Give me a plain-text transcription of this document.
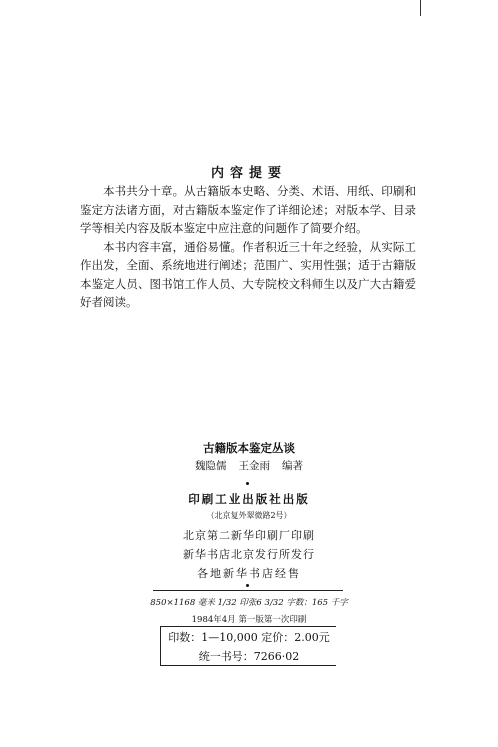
内容提要

本书共分十章。从古籍版本史略、分类、术语、用纸、印刷和鉴定方法诸方面，对古籍版本鉴定作了详细论述；对版本学、目录学等相关内容及版本鉴定中应注意的问题作了简要介绍。

本书内容丰富，通俗易懂。作者积近三十年之经验，从实际工作出发，全面、系统地进行阐述；范围广、实用性强；适于古籍版本鉴定人员、图书馆工作人员、大专院校文科师生以及广大古籍爱好者阅读。

古籍版本鉴定丛谈
魏隐儒 王金雨 编著
印刷工业出版社出版
（北京复外翠微路2号）
北京第二新华印刷厂印刷
新华书店北京发行所发行
各地新华书店经售
850×1168 毫米 1/32 印张6 3/32 字数：165 千字
1984年4月 第一版第一次印刷
印数：1—10,000 定价：2.00元
统一书号：7266·02
